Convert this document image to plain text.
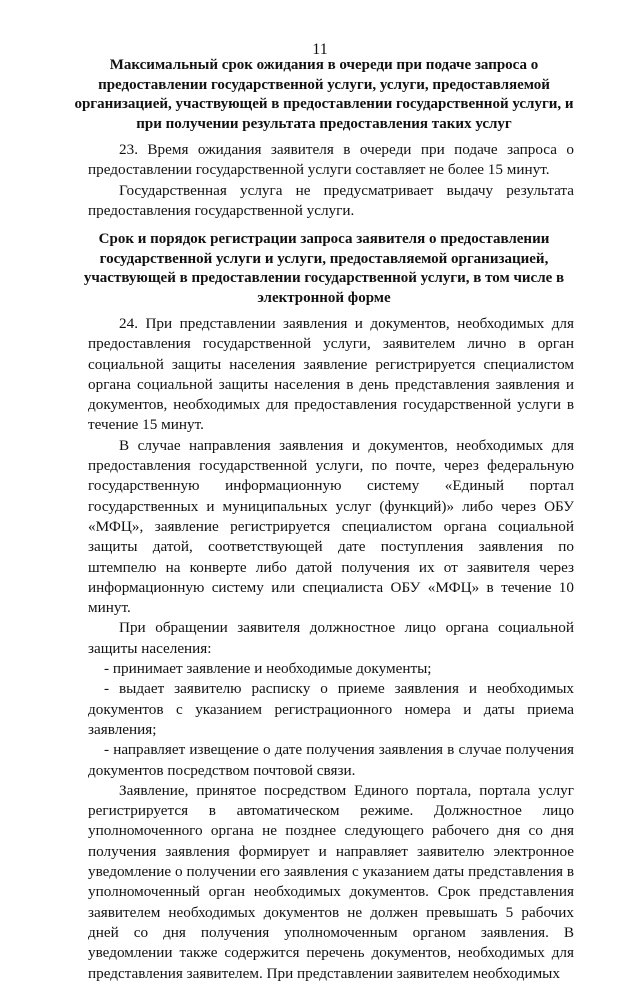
11
Максимальный срок ожидания в очереди при подаче запроса о предоставлении государственной услуги, услуги, предоставляемой организацией, участвующей в предоставлении государственной услуги, и при получении результата предоставления таких услуг

23. Время ожидания заявителя в очереди при подаче запроса о предоставлении государственной услуги составляет не более 15 минут.

Государственная услуга не предусматривает выдачу результата предоставления государственной услуги.

Срок и порядок регистрации запроса заявителя о предоставлении государственной услуги и услуги, предоставляемой организацией, участвующей в предоставлении государственной услуги, в том числе в электронной форме

24. При представлении заявления и документов, необходимых для предоставления государственной услуги, заявителем лично в орган социальной защиты населения заявление регистрируется специалистом органа социальной защиты населения в день представления заявления и документов, необходимых для предоставления государственной услуги в течение 15 минут.

В случае направления заявления и документов, необходимых для предоставления государственной услуги, по почте, через федеральную государственную информационную систему «Единый портал государственных и муниципальных услуг (функций)» либо через ОБУ «МФЦ», заявление регистрируется специалистом органа социальной защиты датой, соответствующей дате поступления заявления по штемпелю на конверте либо датой получения их от заявителя через информационную систему или специалиста ОБУ «МФЦ» в течение 10 минут.

При обращении заявителя должностное лицо органа социальной защиты населения:

- принимает заявление и необходимые документы;

- выдает заявителю расписку о приеме заявления и необходимых документов с указанием регистрационного номера и даты приема заявления;

- направляет извещение о дате получения заявления в случае получения документов посредством почтовой связи.

Заявление, принятое посредством Единого портала, портала услуг регистрируется в автоматическом режиме. Должностное лицо уполномоченного органа не позднее следующего рабочего дня со дня получения заявления формирует и направляет заявителю электронное уведомление о получении его заявления с указанием даты представления в уполномоченный орган необходимых документов. Срок представления заявителем необходимых документов не должен превышать 5 рабочих дней со дня получения уполномоченным органом заявления. В уведомлении также содержится перечень документов, необходимых для представления заявителем. При представлении заявителем необходимых
